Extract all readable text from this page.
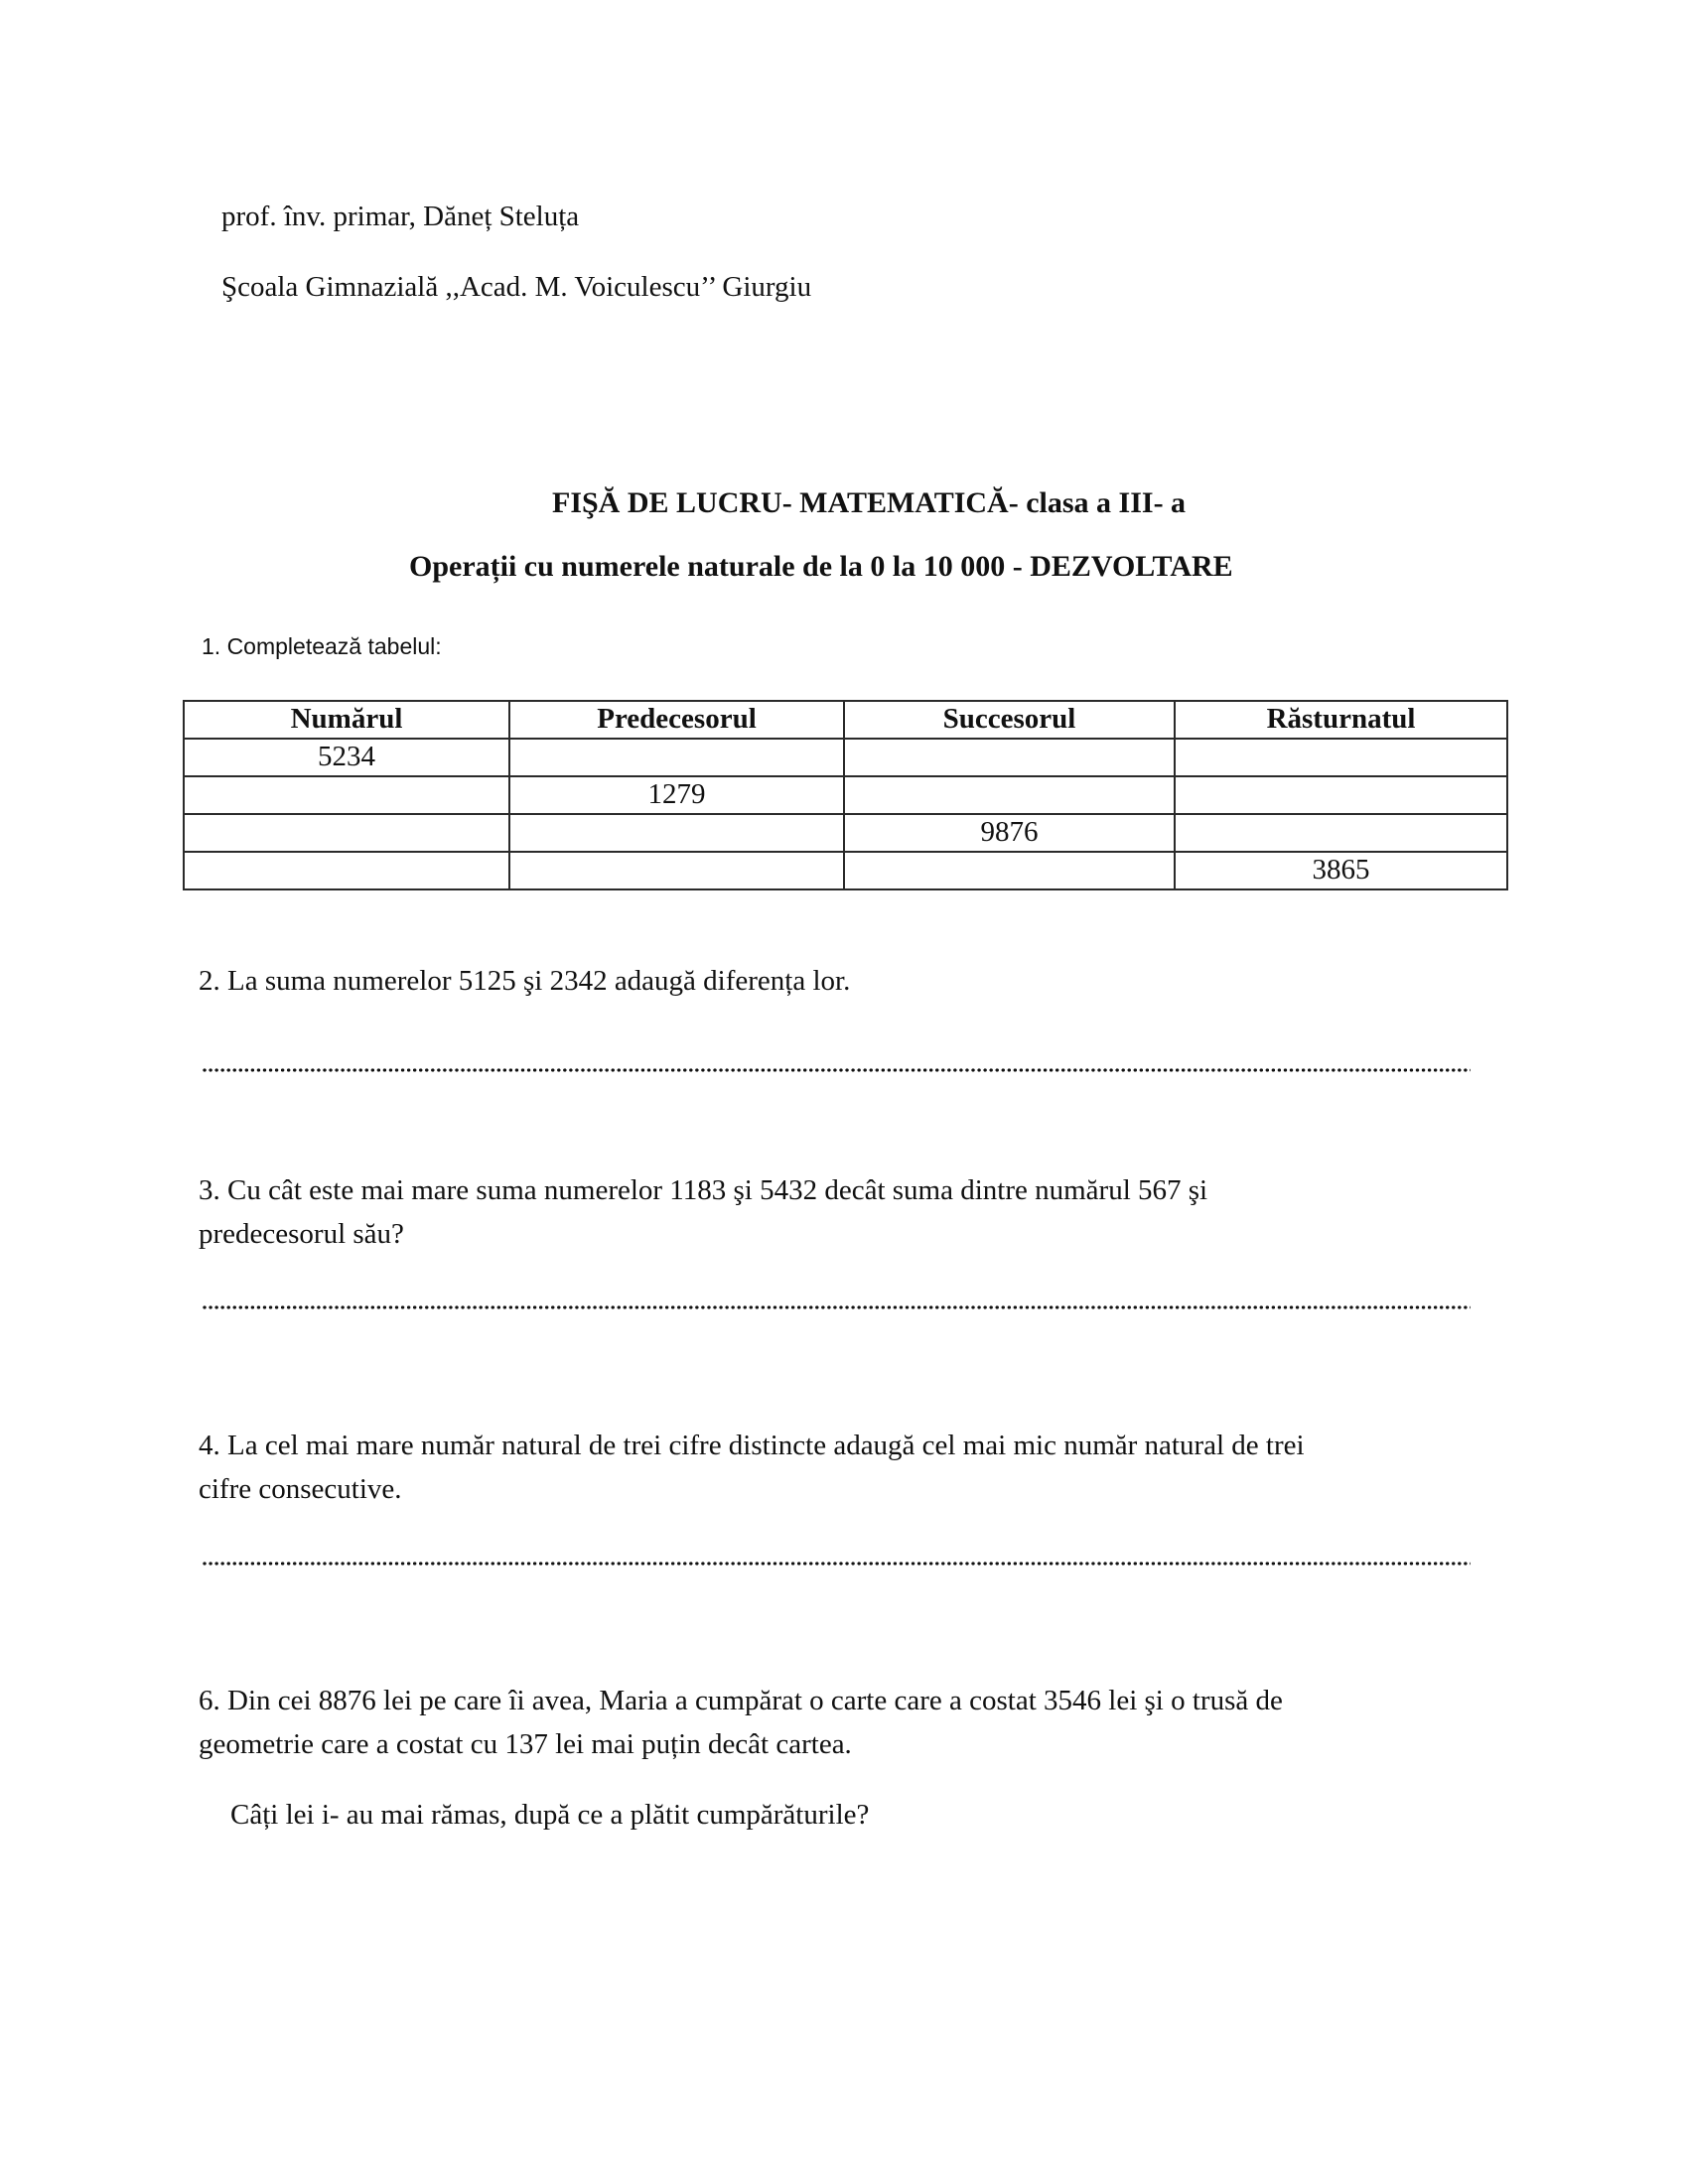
prof. înv. primar, Dăneț Steluța
Şcoala Gimnazială ,,Acad. M. Voiculescu’’ Giurgiu
FIŞĂ DE LUCRU- MATEMATICĂ- clasa a III- a
Operații cu numerele naturale de la 0 la 10 000 - DEZVOLTARE
1. Completează tabelul:
Numărul	Predecesorul	Succesorul	Răsturnatul
5234			
	1279		
		9876	
			3865
2. La suma numerelor 5125 şi 2342 adaugă diferența lor.
3. Cu cât este mai mare suma numerelor 1183 şi 5432 decât suma dintre numărul 567 şi
predecesorul său?
4. La cel mai mare număr natural de trei cifre distincte adaugă cel mai mic număr natural de trei
cifre consecutive.
6. Din cei 8876 lei pe care îi avea, Maria a cumpărat o carte care a costat 3546 lei şi o trusă de
geometrie care a costat cu 137 lei mai puțin decât cartea.
Câți lei i- au mai rămas, după ce a plătit cumpărăturile?
